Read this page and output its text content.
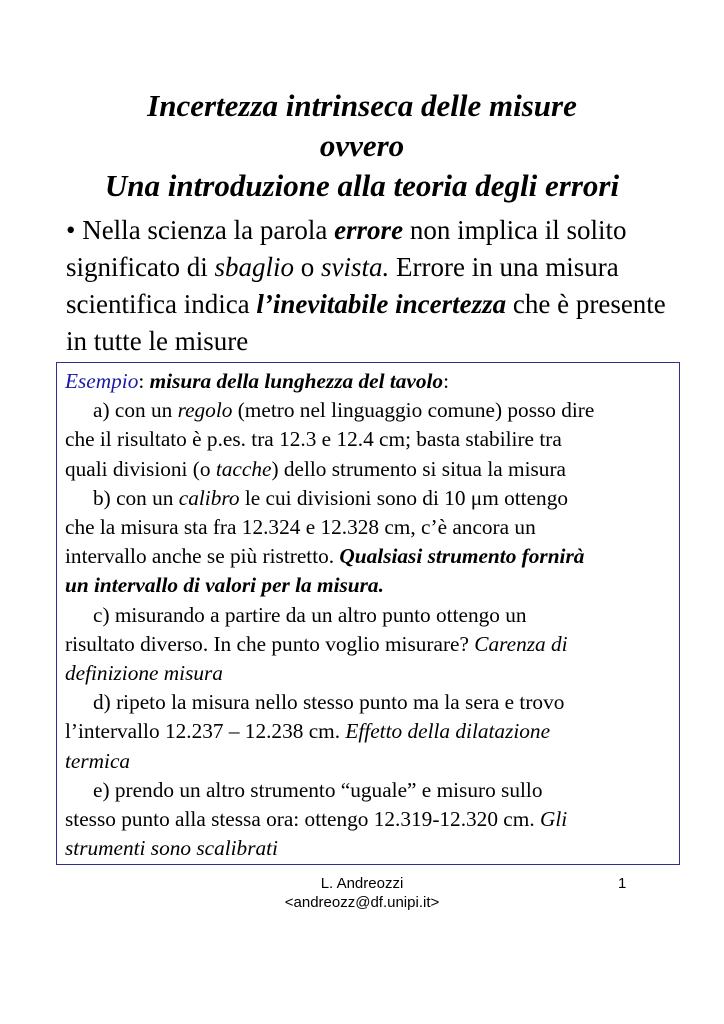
Incertezza intrinseca delle misure
ovvero
Una introduzione alla teoria degli errori

• Nella scienza la parola errore non implica il solito significato di sbaglio o svista. Errore in una misura scientifica indica l’inevitabile incertezza che è presente in tutte le misure

Esempio: misura della lunghezza del tavolo:
a) con un regolo (metro nel linguaggio comune) posso dire
che il risultato è p.es. tra 12.3 e 12.4 cm; basta stabilire tra
quali divisioni (o tacche) dello strumento si situa la misura
b) con un calibro le cui divisioni sono di 10 μm ottengo
che la misura sta fra 12.324 e 12.328 cm, c’è ancora un
intervallo anche se più ristretto. Qualsiasi strumento fornirà
un intervallo di valori per la misura.
c) misurando a partire da un altro punto ottengo un
risultato diverso. In che punto voglio misurare? Carenza di
definizione misura
d) ripeto la misura nello stesso punto ma la sera e trovo
l’intervallo 12.237 – 12.238 cm. Effetto della dilatazione
termica
e) prendo un altro strumento “uguale” e misuro sullo
stesso punto alla stessa ora: ottengo 12.319-12.320 cm. Gli
strumenti sono scalibrati
L. Andreozzi
<andreozz@df.unipi.it>
1
